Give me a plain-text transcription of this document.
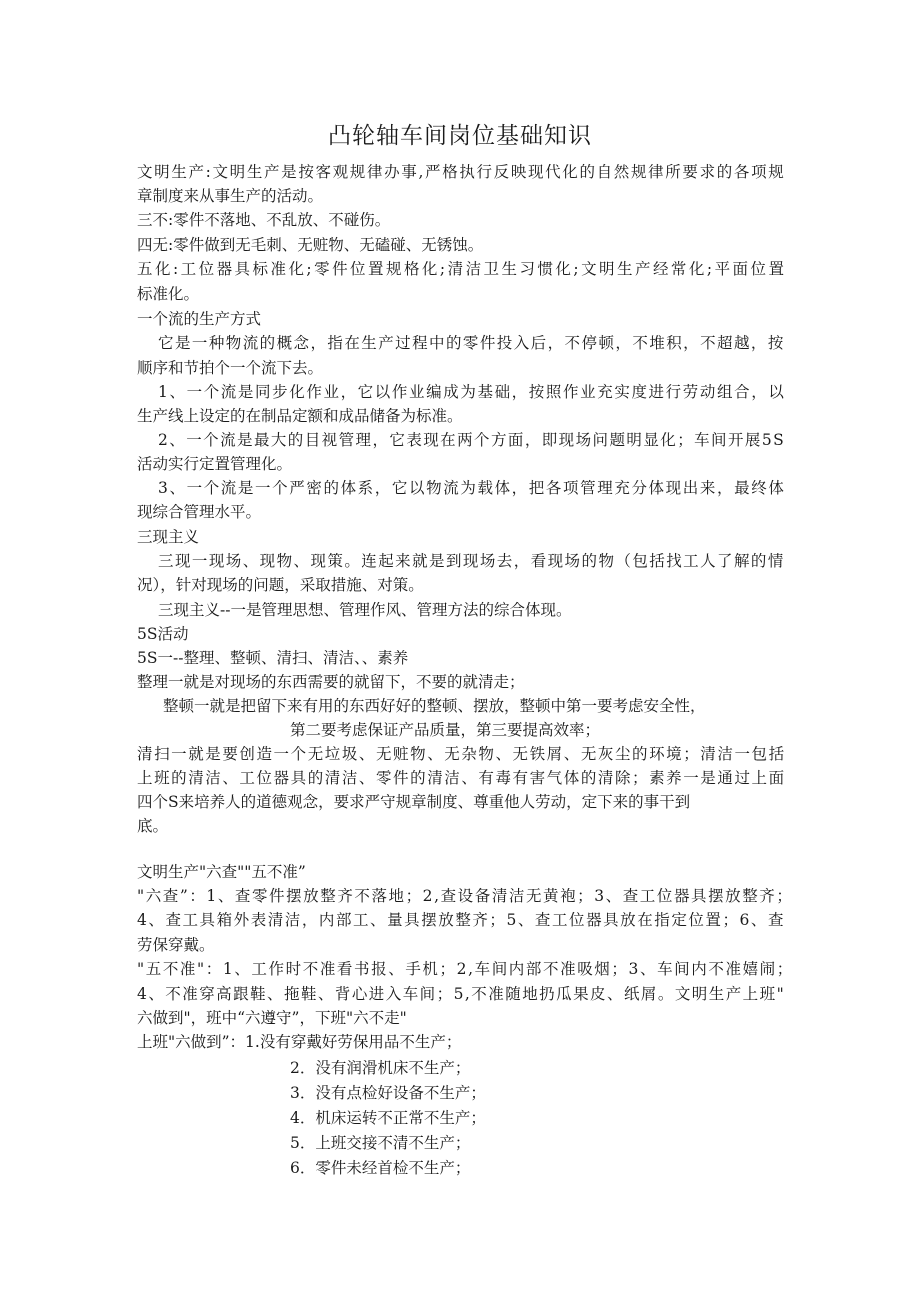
凸轮轴车间岗位基础知识
文明生产:文明生产是按客观规律办事,严格执行反映现代化的自然规律所要求的各项规
章制度来从事生产的活动。
三不:零件不落地、不乱放、不碰伤。
四无:零件做到无毛刺、无赃物、无磕碰、无锈蚀。
五化:工位器具标准化;零件位置规格化;清洁卫生习惯化;文明生产经常化;平面位置
标准化。
一个流的生产方式
它是一种物流的概念，指在生产过程中的零件投入后，不停顿，不堆积，不超越，按
顺序和节拍个一个流下去。
1、一个流是同步化作业，它以作业编成为基础，按照作业充实度进行劳动组合，以
生产线上设定的在制品定额和成品储备为标准。
2、一个流是最大的目视管理，它表现在两个方面，即现场问题明显化；车间开展5S
活动实行定置管理化。
3、一个流是一个严密的体系，它以物流为载体，把各项管理充分体现出来，最终体
现综合管理水平。
三现主义
三现一现场、现物、现策。连起来就是到现场去，看现场的物（包括找工人了解的情
况），针对现场的问题，采取措施、对策。
三现主义--一是管理思想、管理作风、管理方法的综合体现。
5S活动
5S一--整理、整顿、清扫、清洁、、素养
整理一就是对现场的东西需要的就留下，不要的就清走；
整顿一就是把留下来有用的东西好好的整顿、摆放，整顿中第一要考虑安全性，
第二要考虑保证产品质量，第三要提高效率；
清扫一就是要创造一个无垃圾、无赃物、无杂物、无铁屑、无灰尘的环境；清洁一包括
上班的清洁、工位器具的清洁、零件的清洁、有毒有害气体的清除；素养一是通过上面
四个S来培养人的道德观念，要求严守规章制度、尊重他人劳动，定下来的事干到
底。
文明生产"六查""五不准”
"六查”：1、查零件摆放整齐不落地；2,查设备清洁无黄袍；3、查工位器具摆放整齐；
4、查工具箱外表清洁，内部工、量具摆放整齐；5、查工位器具放在指定位置；6、查
劳保穿戴。
"五不准"：1、工作时不准看书报、手机；2,车间内部不准吸烟；3、车间内不准嬉闹；
4、不准穿高跟鞋、拖鞋、背心进入车间；5,不准随地扔瓜果皮、纸屑。文明生产上班"
六做到"，班中“六遵守”，下班"六不走"
上班"六做到”：1.没有穿戴好劳保用品不生产；
2．没有润滑机床不生产；
3．没有点检好设备不生产；
4．机床运转不正常不生产；
5．上班交接不清不生产；
6．零件未经首检不生产；
